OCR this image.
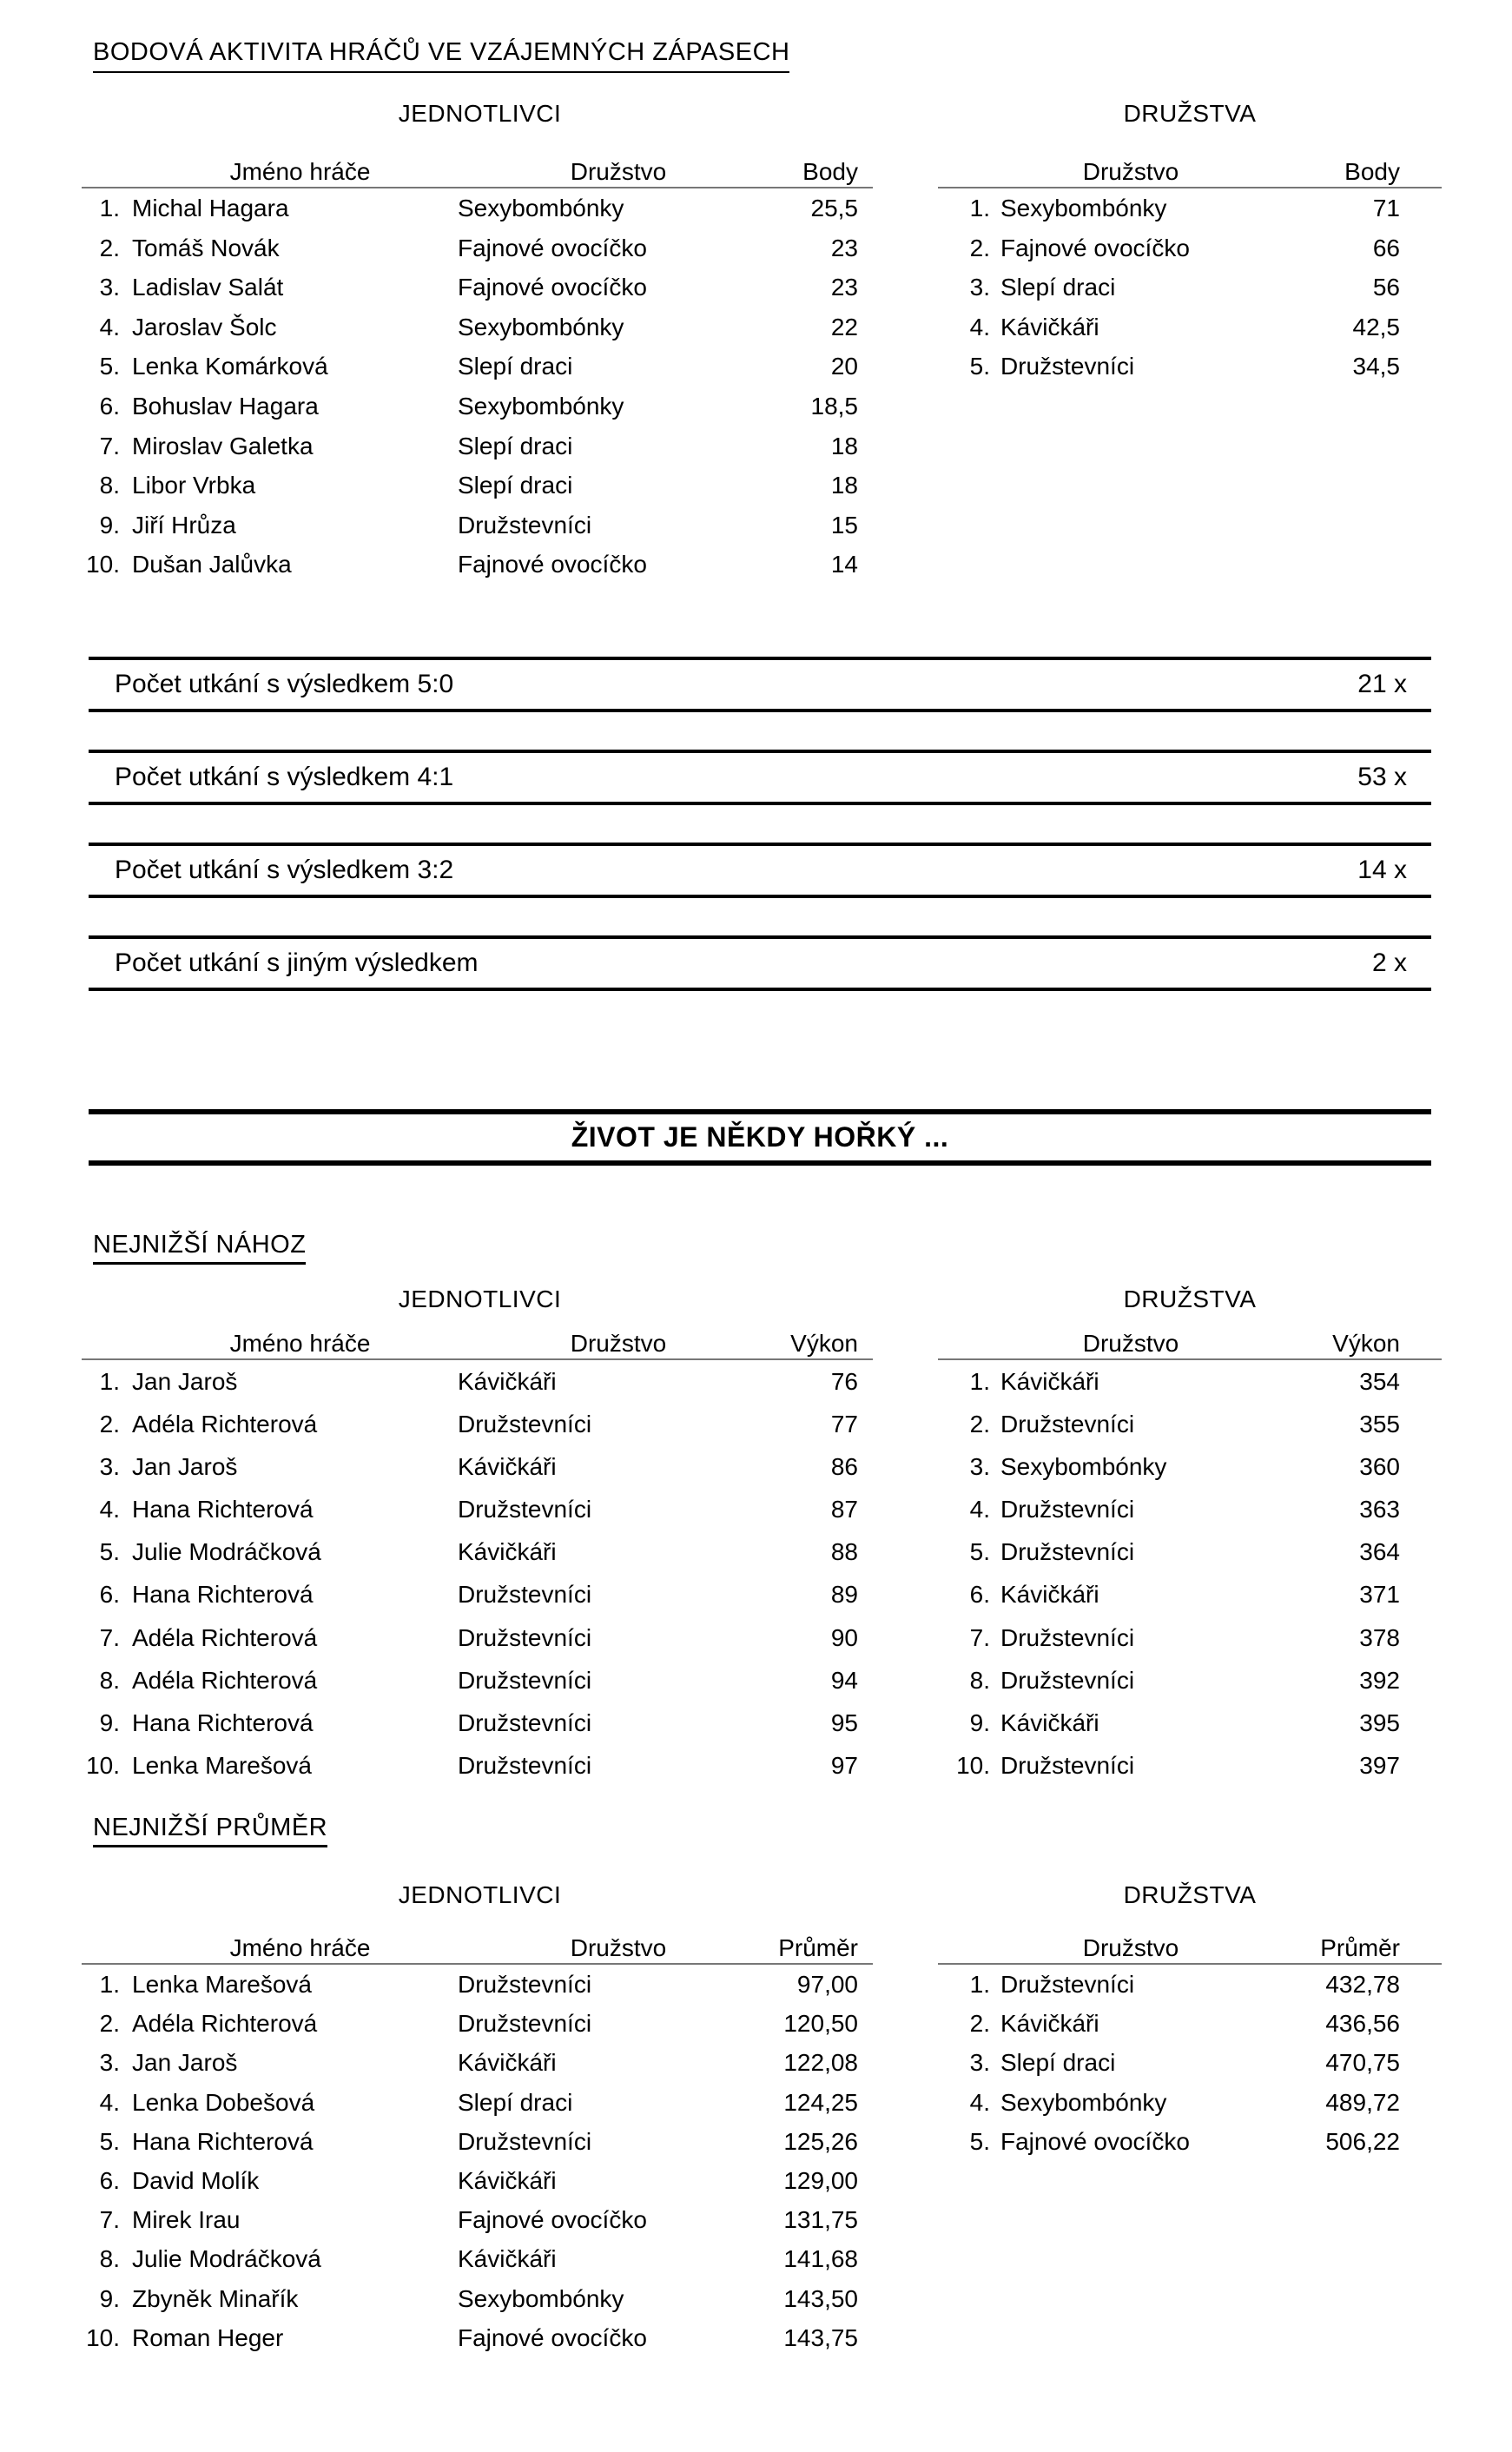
BODOVÁ AKTIVITA HRÁČŮ VE VZÁJEMNÝCH ZÁPASECH
JEDNOTLIVCI	DRUŽSTVA
Jméno hráče	Družstvo	Body
1. Michal Hagara	Sexybombónky	25,5
2. Tomáš Novák	Fajnové ovocíčko	23
3. Ladislav Salát	Fajnové ovocíčko	23
4. Jaroslav Šolc	Sexybombónky	22
5. Lenka Komárková	Slepí draci	20
6. Bohuslav Hagara	Sexybombónky	18,5
7. Miroslav Galetka	Slepí draci	18
8. Libor Vrbka	Slepí draci	18
9. Jiří Hrůza	Družstevníci	15
10. Dušan Jalůvka	Fajnové ovocíčko	14
Družstvo	Body
1. Sexybombónky	71
2. Fajnové ovocíčko	66
3. Slepí draci	56
4. Kávičkáři	42,5
5. Družstevníci	34,5
Počet utkání s výsledkem 5:0	21 x
Počet utkání s výsledkem 4:1	53 x
Počet utkání s výsledkem 3:2	14 x
Počet utkání s jiným výsledkem	2 x
ŽIVOT JE NĚKDY HOŘKÝ ...
NEJNIŽŠÍ NÁHOZ
JEDNOTLIVCI	DRUŽSTVA
Jméno hráče	Družstvo	Výkon
1. Jan Jaroš	Kávičkáři	76
2. Adéla Richterová	Družstevníci	77
3. Jan Jaroš	Kávičkáři	86
4. Hana Richterová	Družstevníci	87
5. Julie Modráčková	Kávičkáři	88
6. Hana Richterová	Družstevníci	89
7. Adéla Richterová	Družstevníci	90
8. Adéla Richterová	Družstevníci	94
9. Hana Richterová	Družstevníci	95
10. Lenka Marešová	Družstevníci	97
Družstvo	Výkon
1. Kávičkáři	354
2. Družstevníci	355
3. Sexybombónky	360
4. Družstevníci	363
5. Družstevníci	364
6. Kávičkáři	371
7. Družstevníci	378
8. Družstevníci	392
9. Kávičkáři	395
10. Družstevníci	397
NEJNIŽŠÍ PRŮMĚR
JEDNOTLIVCI	DRUŽSTVA
Jméno hráče	Družstvo	Průměr
1. Lenka Marešová	Družstevníci	97,00
2. Adéla Richterová	Družstevníci	120,50
3. Jan Jaroš	Kávičkáři	122,08
4. Lenka Dobešová	Slepí draci	124,25
5. Hana Richterová	Družstevníci	125,26
6. David Molík	Kávičkáři	129,00
7. Mirek Irau	Fajnové ovocíčko	131,75
8. Julie Modráčková	Kávičkáři	141,68
9. Zbyněk Minařík	Sexybombónky	143,50
10. Roman Heger	Fajnové ovocíčko	143,75
Družstvo	Průměr
1. Družstevníci	432,78
2. Kávičkáři	436,56
3. Slepí draci	470,75
4. Sexybombónky	489,72
5. Fajnové ovocíčko	506,22
